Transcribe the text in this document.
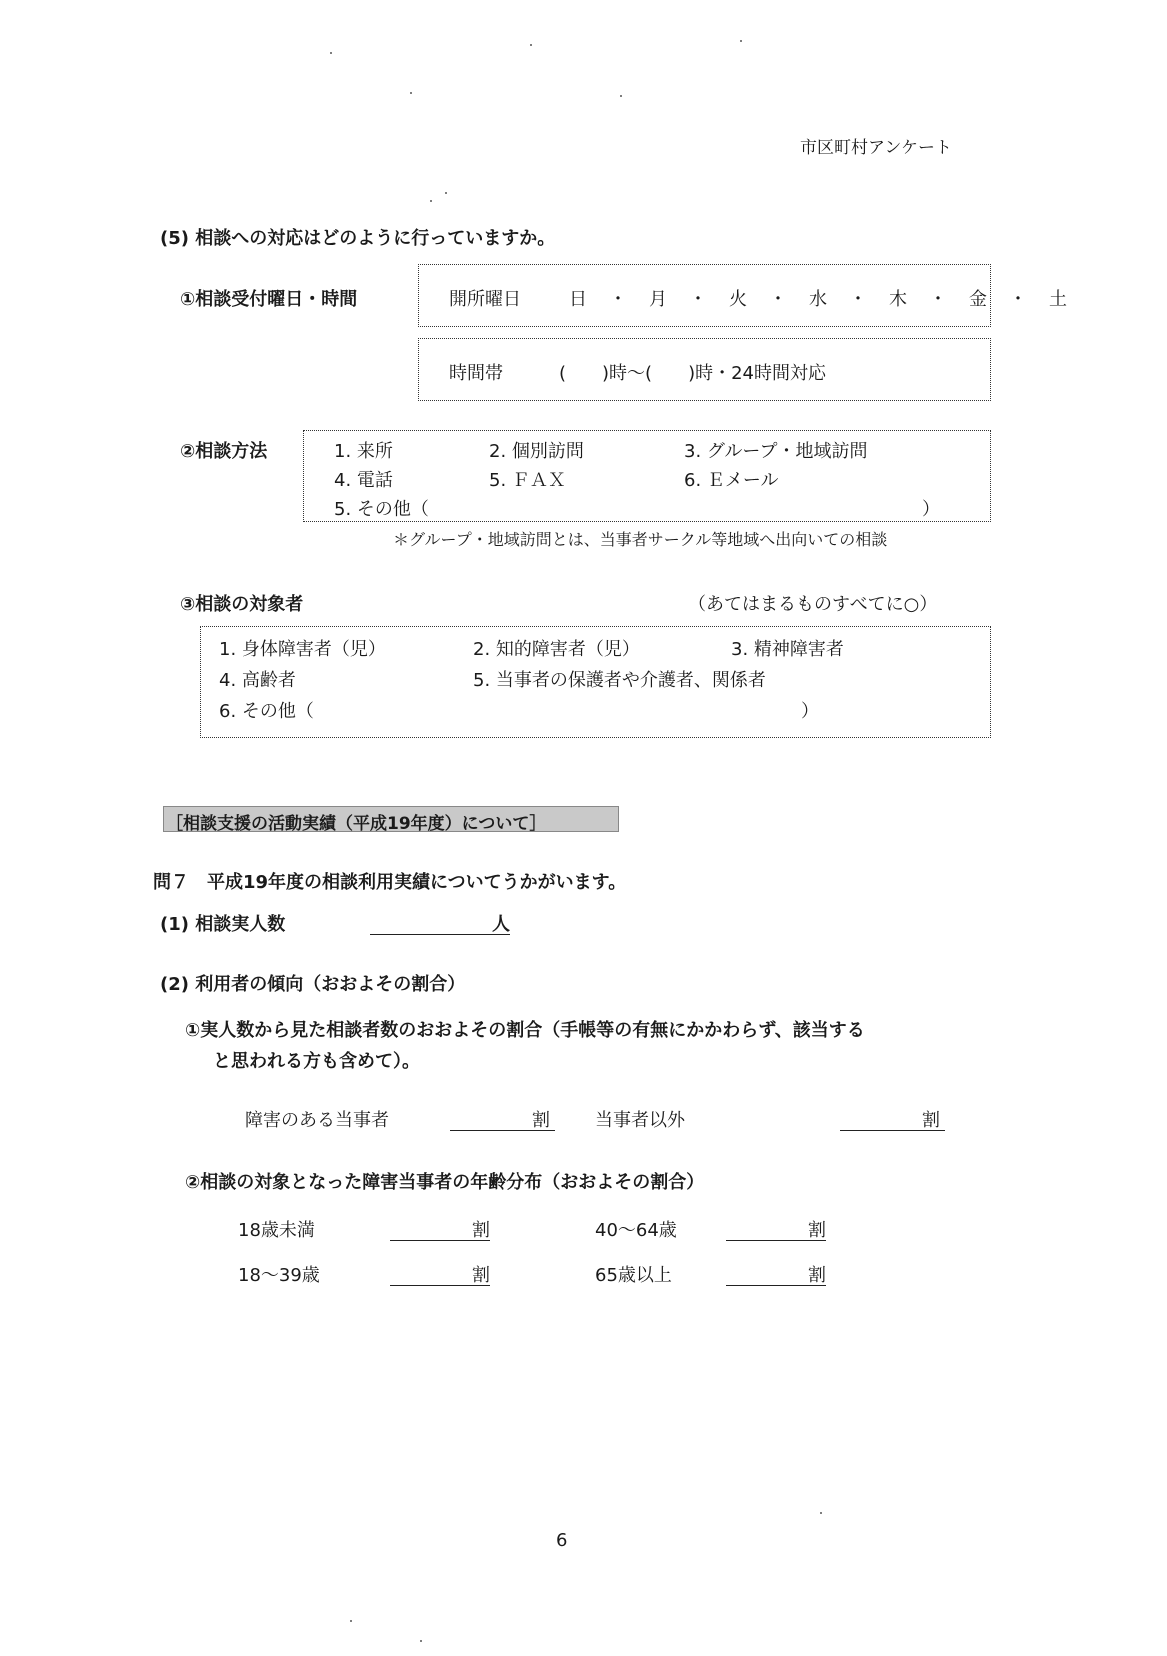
市区町村アンケート
(5) 相談への対応はどのように行っていますか。
①相談受付曜日・時間	開所曜日	日 ・ 月 ・ 火 ・ 水 ・ 木 ・ 金 ・ 土
時間帯	(　　)時〜(　　)時・24時間対応
②相談方法	1. 来所	2. 個別訪問	3. グループ・地域訪問
4. 電話	5. ＦＡＸ	6. Ｅメール
5. その他（	）
＊グループ・地域訪問とは、当事者サークル等地域へ出向いての相談
③相談の対象者	（あてはまるものすべてに○）
1. 身体障害者（児）	2. 知的障害者（児）	3. 精神障害者
4. 高齢者	5. 当事者の保護者や介護者、関係者
6. その他（	）
［相談支援の活動実績（平成19年度）について］
問７　平成19年度の相談利用実績についてうかがいます。
(1) 相談実人数	人
(2) 利用者の傾向（おおよその割合）
①実人数から見た相談者数のおおよその割合（手帳等の有無にかかわらず、該当する
と思われる方も含めて）。
障害のある当事者	割	当事者以外	割
②相談の対象となった障害当事者の年齢分布（おおよその割合）
18歳未満	割	40〜64歳	割
18〜39歳	割	65歳以上	割
6
